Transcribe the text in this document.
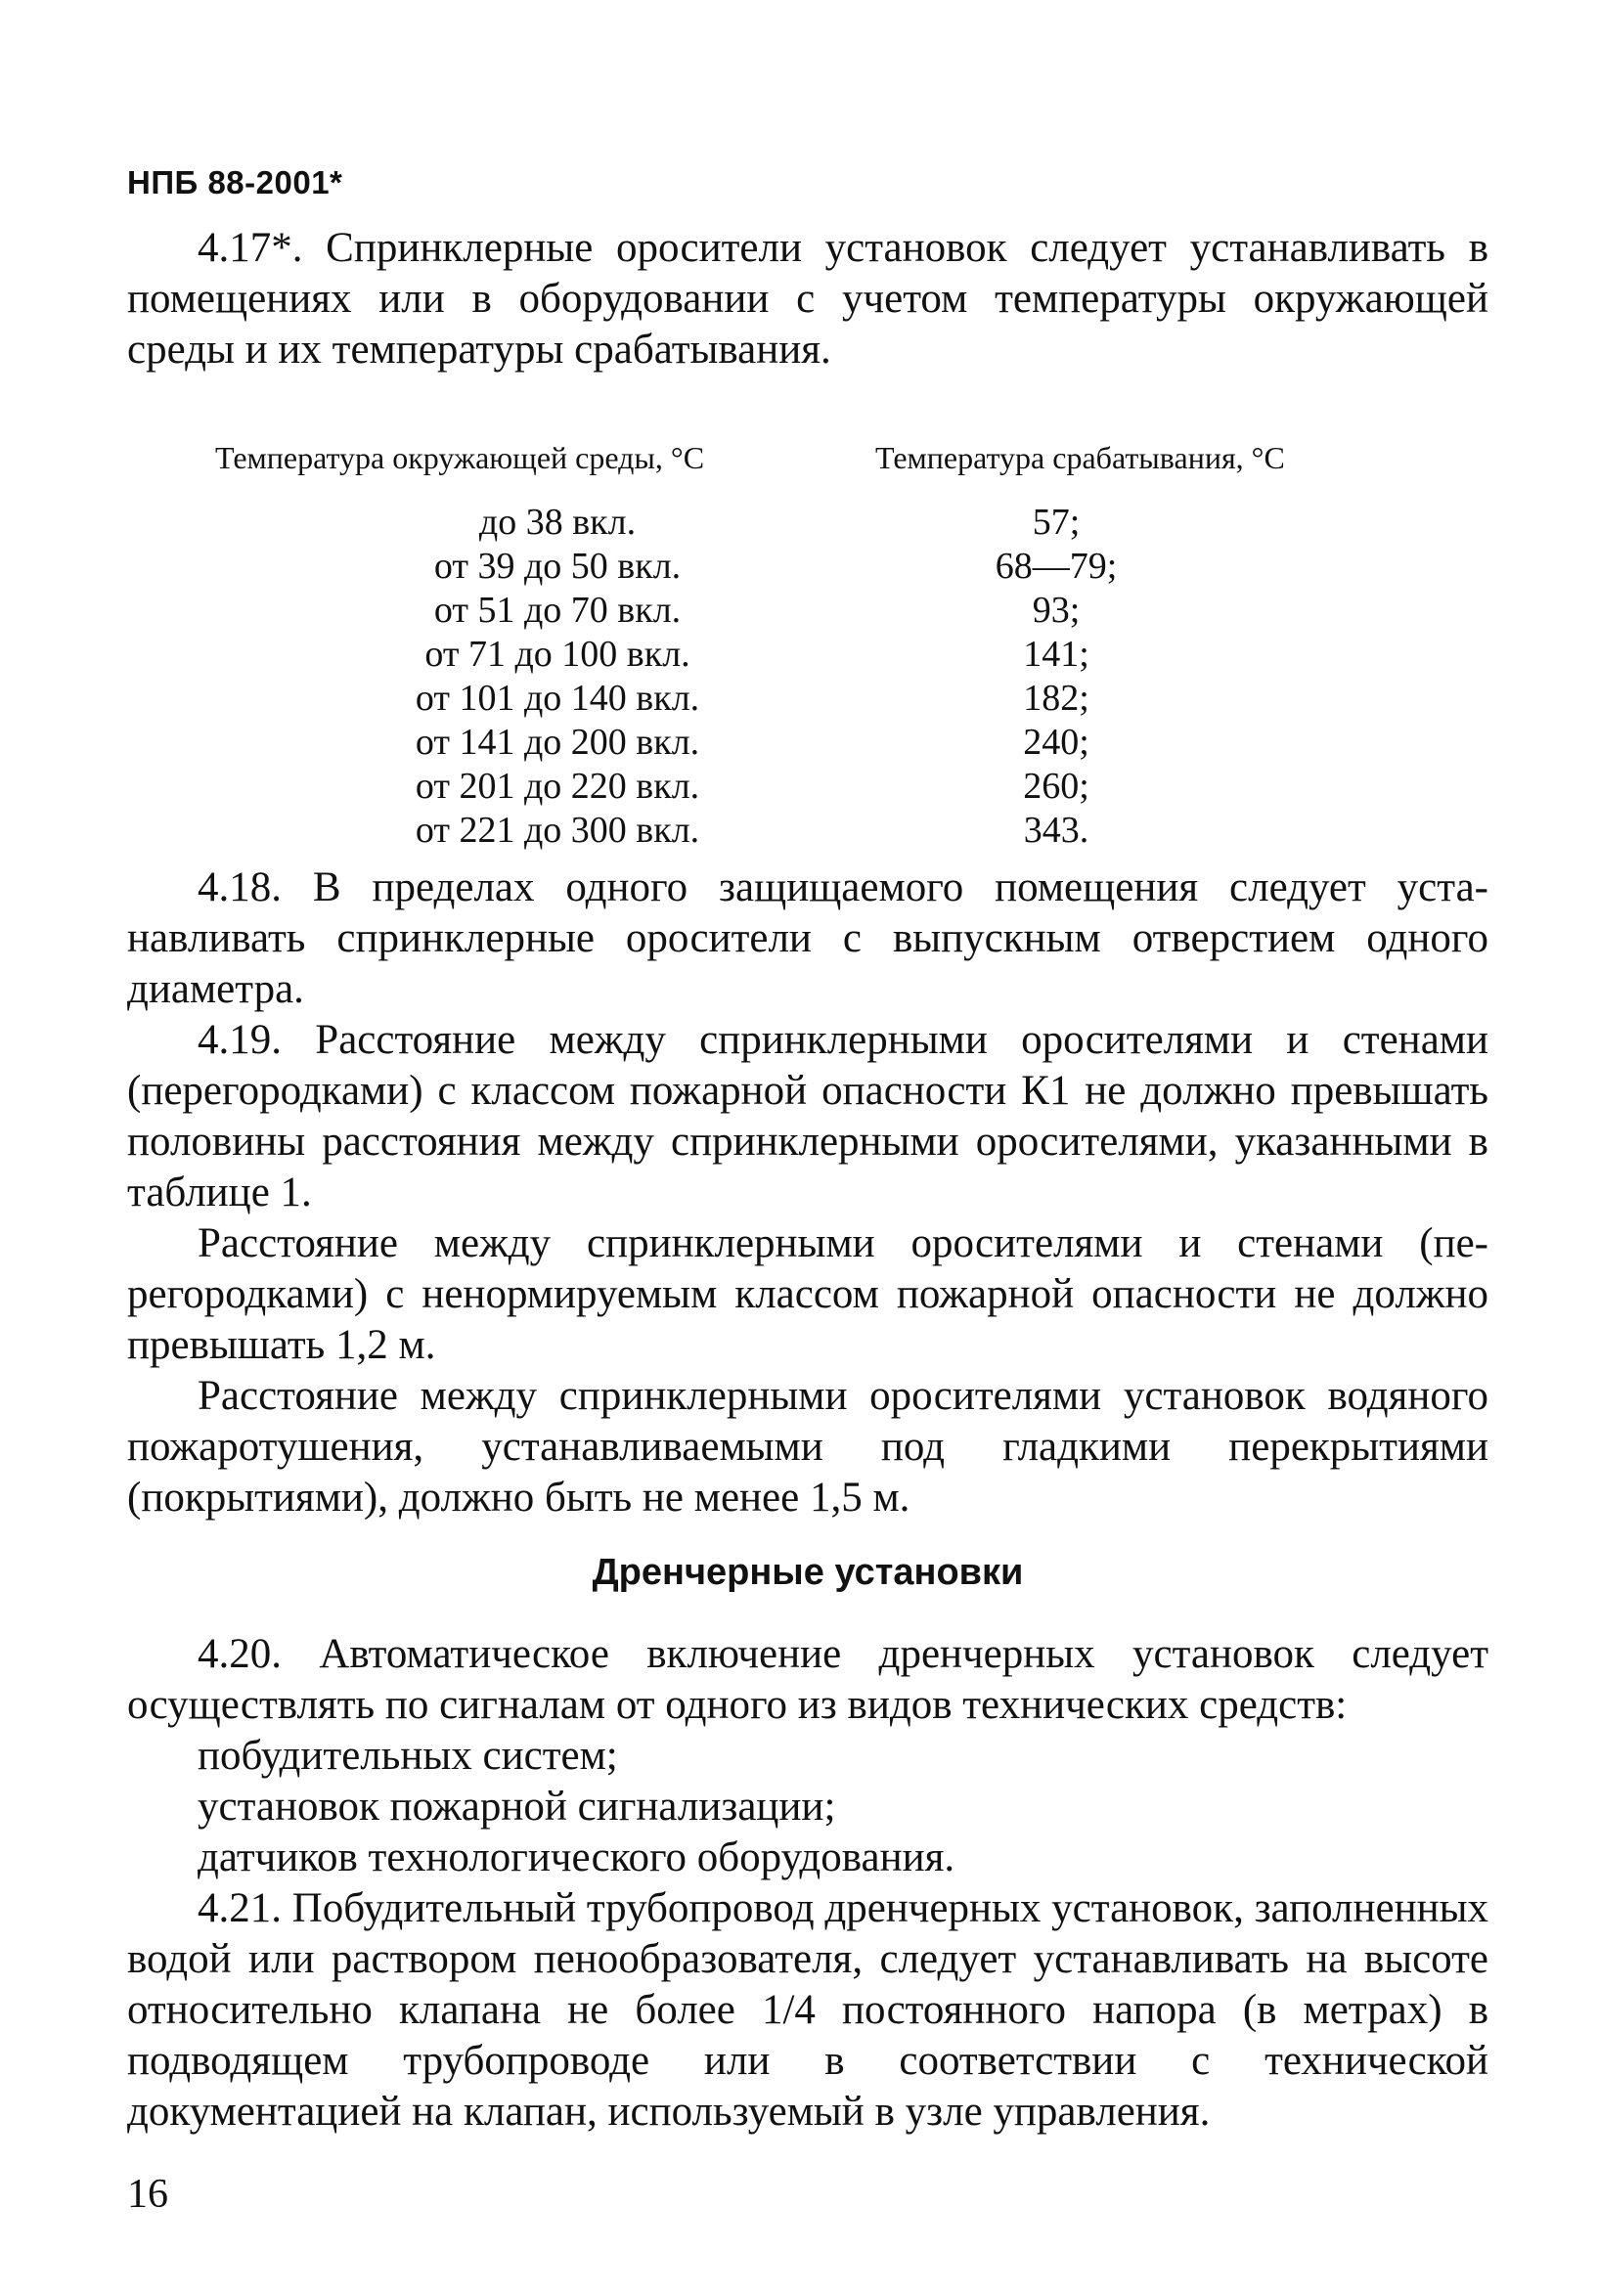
НПБ 88-2001*

4.17*. Спринклерные оросители установок следует устанавливать в помещениях или в оборудовании с учетом температуры окружающей среды и их температуры срабатывания.

Температура окружающей среды, °С	Температура срабатывания, °С
до 38 вкл.	57;
от 39 до 50 вкл.	68—79;
от 51 до 70 вкл.	93;
от 71 до 100 вкл.	141;
от 101 до 140 вкл.	182;
от 141 до 200 вкл.	240;
от 201 до 220 вкл.	260;
от 221 до 300 вкл.	343.

4.18. В пределах одного защищаемого помещения следует устанавливать спринклерные оросители с выпускным отверстием одного диаметра.

4.19. Расстояние между спринклерными оросителями и стенами (перегородками) с классом пожарной опасности К1 не должно превышать половины расстояния между спринклерными оросителями, указанными в таблице 1.

Расстояние между спринклерными оросителями и стенами (перегородками) с ненормируемым классом пожарной опасности не должно превышать 1,2 м.

Расстояние между спринклерными оросителями установок водяного пожаротушения, устанавливаемыми под гладкими перекрытиями (покрытиями), должно быть не менее 1,5 м.

Дренчерные установки

4.20. Автоматическое включение дренчерных установок следует осуществлять по сигналам от одного из видов технических средств:

побудительных систем;
установок пожарной сигнализации;
датчиков технологического оборудования.

4.21. Побудительный трубопровод дренчерных установок, заполненных водой или раствором пенообразователя, следует устанавливать на высоте относительно клапана не более 1/4 постоянного напора (в метрах) в подводящем трубопроводе или в соответствии с технической документацией на клапан, используемый в узле управления.

16
